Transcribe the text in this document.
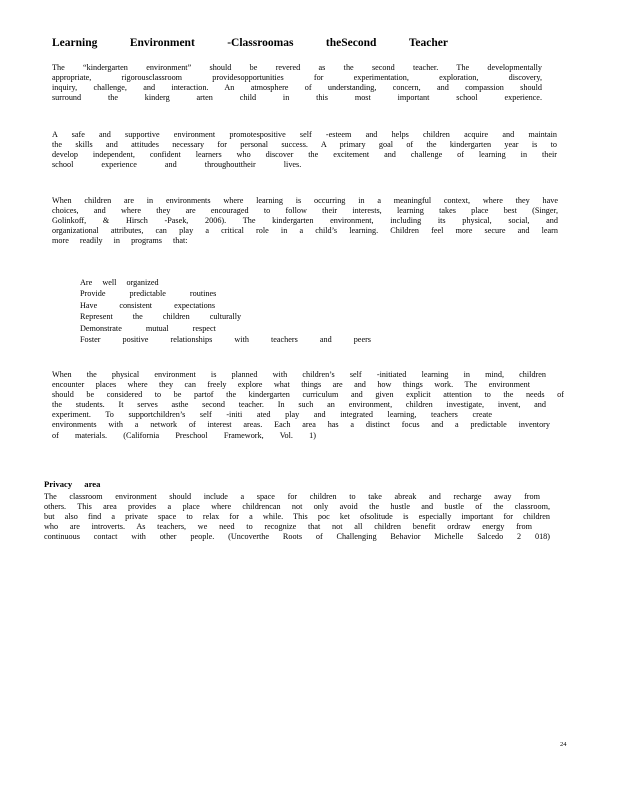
Learning	Environment	-Classroomas	theSecond	Teacher
The “kindergarten environment” should be revered as the second teacher. The developmentally
appropriate, rigorousclassroom providesopportunities for experimentation, exploration, discovery,
inquiry, challenge, and interaction. An atmosphere of understanding, concern, and compassion should
surround the kinderg arten child in this most important school experience.
A safe and supportive environment promotespositive self -esteem and helps children acquire and maintain
the skills and attitudes necessary for personal success. A primary goal of the kindergarten year is to
develop independent, confident learners who discover the excitement and challenge of learning in their
school experience and throughouttheir lives.
When children are in environments where learning is occurring in a meaningful context, where they have
choices, and where they are encouraged to follow their interests, learning takes place best (Singer,
Golinkoff, & Hirsch -Pasek, 2006). The kindergarten environment, including its physical, social, and
organizational attributes, can play a critical role in a child’s learning. Children feel more secure and learn
more readily in programs that:
Are well organized
Provide predictable routines
Have consistent expectations
Represent the children culturally
Demonstrate mutual respect
Foster positive relationships with teachers and peers
When the physical environment is planned with children’s self -initiated learning in mind, children
encounter places where they can freely explore what things are and how things work. The environment
should be considered to be partof the kindergarten curriculum and given explicit attention to the needs of
the students. It serves asthe second teacher. In such an environment, children investigate, invent, and
experiment. To supportchildren’s self -initi ated play and integrated learning, teachers create
environments with a network of interest areas. Each area has a distinct focus and a predictable inventory
of materials. (California Preschool Framework, Vol. 1)
Privacy area
The classroom environment should include a space for children to take abreak and recharge away from
others. This area provides a place where childrencan not only avoid the hustle and bustle of the classroom,
but also find a private space to relax for a while. This poc ket ofsolitude is especially important for children
who are introverts. As teachers, we need to recognize that not all children benefit ordraw energy from
continuous contact with other people. (Uncoverthe Roots of Challenging Behavior Michelle Salcedo 2 018)
24
